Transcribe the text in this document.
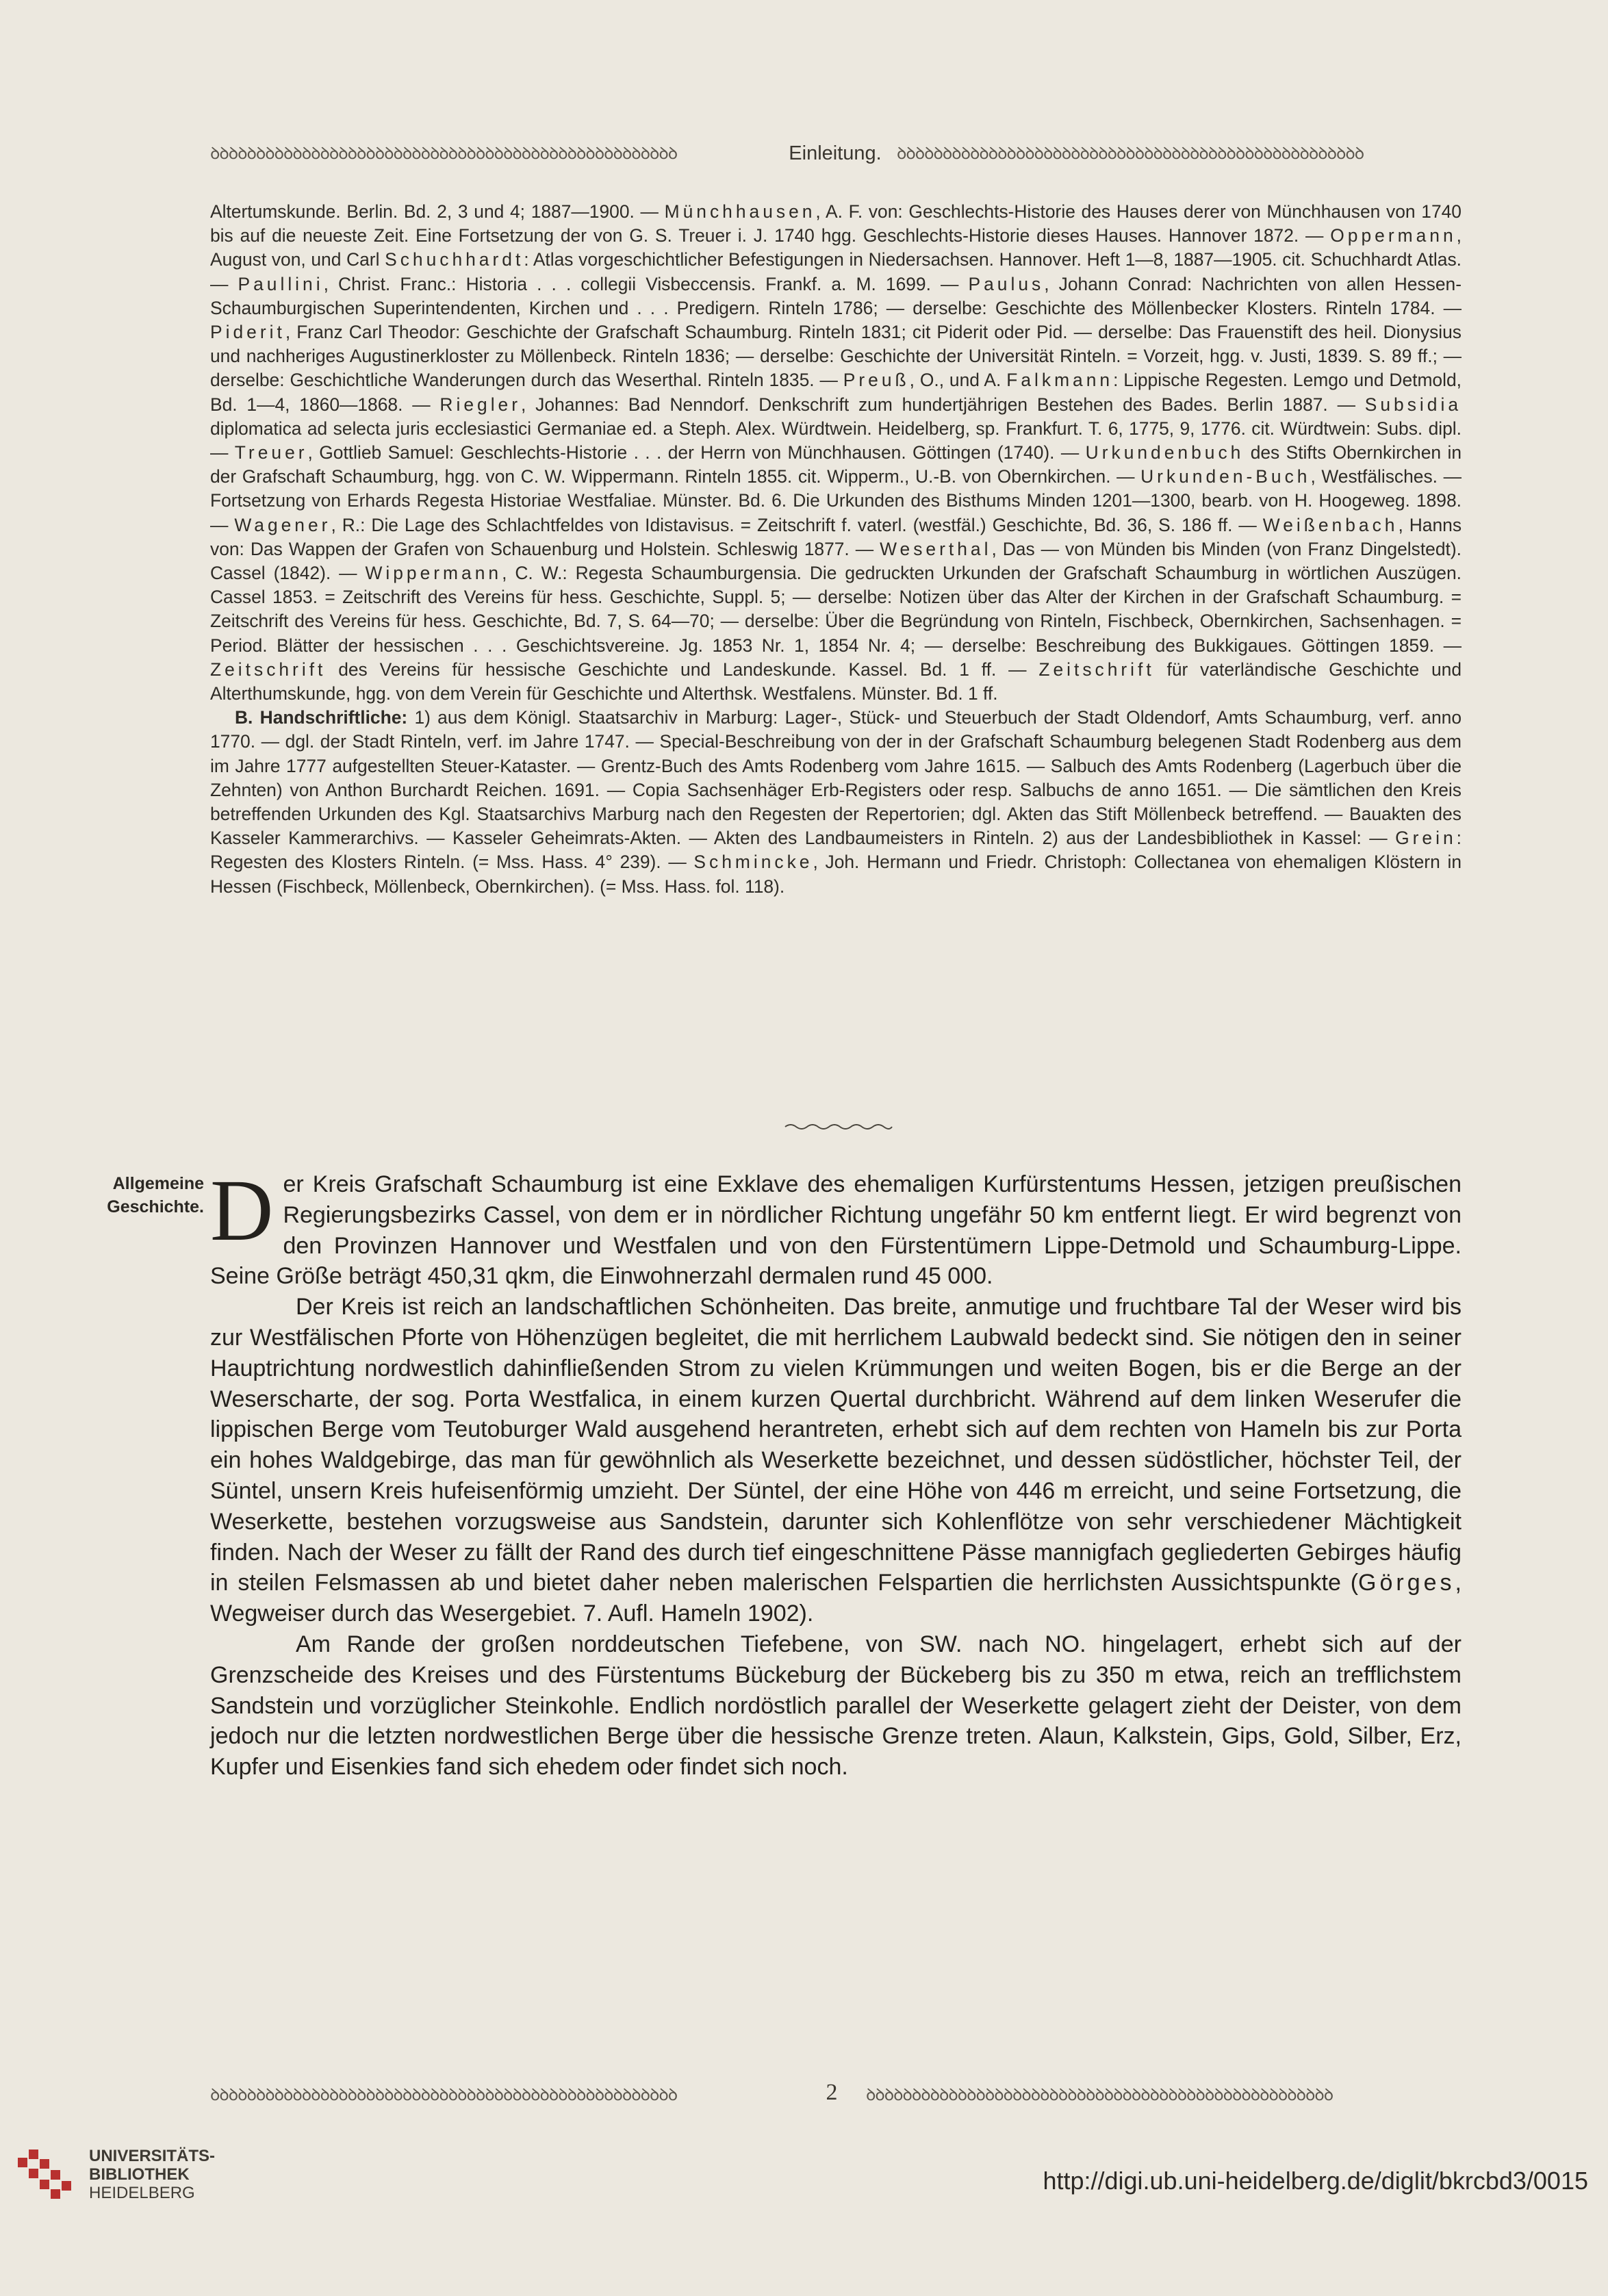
ꝺꝺꝺꝺꝺꝺꝺꝺꝺꝺꝺꝺꝺꝺꝺꝺꝺꝺꝺꝺꝺꝺꝺꝺꝺꝺꝺꝺꝺꝺꝺꝺꝺꝺꝺꝺꝺꝺꝺꝺꝺꝺꝺꝺꝺꝺꝺꝺꝺꝺꝺ	Einleitung. ꝺꝺꝺꝺꝺꝺꝺꝺꝺꝺꝺꝺꝺꝺꝺꝺꝺꝺꝺꝺꝺꝺꝺꝺꝺꝺꝺꝺꝺꝺꝺꝺꝺꝺꝺꝺꝺꝺꝺꝺꝺꝺꝺꝺꝺꝺꝺꝺꝺꝺꝺ

Altertumskunde. Berlin. Bd. 2, 3 und 4; 1887—1900. — Münchhausen, A. F. von: Geschlechts-Historie des Hauses derer von Münchhausen von 1740 bis auf die neueste Zeit. Eine Fortsetzung der von G. S. Treuer i. J. 1740 hgg. Geschlechts-Historie dieses Hauses. Hannover 1872. — Oppermann, August von, und Carl Schuchhardt: Atlas vorgeschichtlicher Befestigungen in Niedersachsen. Hannover. Heft 1—8, 1887—1905. cit. Schuchhardt Atlas. — Paullini, Christ. Franc.: Historia . . . collegii Visbeccensis. Frankf. a. M. 1699. — Paulus, Johann Conrad: Nachrichten von allen Hessen-Schaumburgischen Superintendenten, Kirchen und . . . Predigern. Rinteln 1786; — derselbe: Geschichte des Möllenbecker Klosters. Rinteln 1784. — Piderit, Franz Carl Theodor: Geschichte der Grafschaft Schaumburg. Rinteln 1831; cit Piderit oder Pid. — derselbe: Das Frauenstift des heil. Dionysius und nachheriges Augustinerkloster zu Möllenbeck. Rinteln 1836; — derselbe: Geschichte der Universität Rinteln. = Vorzeit, hgg. v. Justi, 1839. S. 89 ff.; — derselbe: Geschichtliche Wanderungen durch das Weserthal. Rinteln 1835. — Preuß, O., und A. Falkmann: Lippische Regesten. Lemgo und Detmold, Bd. 1—4, 1860—1868. — Riegler, Johannes: Bad Nenndorf. Denkschrift zum hundertjährigen Bestehen des Bades. Berlin 1887. — Subsidia diplomatica ad selecta juris ecclesiastici Germaniae ed. a Steph. Alex. Würdtwein. Heidelberg, sp. Frankfurt. T. 6, 1775, 9, 1776. cit. Würdtwein: Subs. dipl. — Treuer, Gottlieb Samuel: Geschlechts-Historie . . . der Herrn von Münchhausen. Göttingen (1740). — Urkundenbuch des Stifts Obernkirchen in der Grafschaft Schaumburg, hgg. von C. W. Wippermann. Rinteln 1855. cit. Wipperm., U.-B. von Obernkirchen. — Urkunden-Buch, Westfälisches. — Fortsetzung von Erhards Regesta Historiae Westfaliae. Münster. Bd. 6. Die Urkunden des Bisthums Minden 1201—1300, bearb. von H. Hoogeweg. 1898. — Wagener, R.: Die Lage des Schlachtfeldes von Idistavisus. = Zeitschrift f. vaterl. (westfäl.) Geschichte, Bd. 36, S. 186 ff. — Weißenbach, Hanns von: Das Wappen der Grafen von Schauenburg und Holstein. Schleswig 1877. — Weserthal, Das — von Münden bis Minden (von Franz Dingelstedt). Cassel (1842). — Wippermann, C. W.: Regesta Schaumburgensia. Die gedruckten Urkunden der Grafschaft Schaumburg in wörtlichen Auszügen. Cassel 1853. = Zeitschrift des Vereins für hess. Geschichte, Suppl. 5; — derselbe: Notizen über das Alter der Kirchen in der Grafschaft Schaumburg. = Zeitschrift des Vereins für hess. Geschichte, Bd. 7, S. 64—70; — derselbe: Über die Begründung von Rinteln, Fischbeck, Obernkirchen, Sachsenhagen. = Period. Blätter der hessischen . . . Geschichtsvereine. Jg. 1853 Nr. 1, 1854 Nr. 4; — derselbe: Beschreibung des Bukkigaues. Göttingen 1859. — Zeitschrift des Vereins für hessische Geschichte und Landeskunde. Kassel. Bd. 1 ff. — Zeitschrift für vaterländische Geschichte und Alterthumskunde, hgg. von dem Verein für Geschichte und Alterthsk. Westfalens. Münster. Bd. 1 ff.

B. Handschriftliche: 1) aus dem Königl. Staatsarchiv in Marburg: Lager-, Stück- und Steuerbuch der Stadt Oldendorf, Amts Schaumburg, verf. anno 1770. — dgl. der Stadt Rinteln, verf. im Jahre 1747. — Special-Beschreibung von der in der Grafschaft Schaumburg belegenen Stadt Rodenberg aus dem im Jahre 1777 aufgestellten Steuer-Kataster. — Grentz-Buch des Amts Rodenberg vom Jahre 1615. — Salbuch des Amts Rodenberg (Lagerbuch über die Zehnten) von Anthon Burchardt Reichen. 1691. — Copia Sachsenhäger Erb-Registers oder resp. Salbuchs de anno 1651. — Die sämtlichen den Kreis betreffenden Urkunden des Kgl. Staatsarchivs Marburg nach den Regesten der Repertorien; dgl. Akten das Stift Möllenbeck betreffend. — Bauakten des Kasseler Kammerarchivs. — Kasseler Geheimrats-Akten. — Akten des Landbaumeisters in Rinteln. 2) aus der Landesbibliothek in Kassel: — Grein: Regesten des Klosters Rinteln. (= Mss. Hass. 4° 239). — Schmincke, Joh. Hermann und Friedr. Christoph: Collectanea von ehemaligen Klöstern in Hessen (Fischbeck, Möllenbeck, Obernkirchen). (= Mss. Hass. fol. 118).

Allgemeine
Geschichte. Der Kreis Grafschaft Schaumburg ist eine Exklave des ehemaligen Kurfürstentums Hessen, jetzigen preußischen Regierungsbezirks Cassel, von dem er in nördlicher Richtung ungefähr 50 km entfernt liegt. Er wird begrenzt von den Provinzen Hannover und Westfalen und von den Fürstentümern Lippe-Detmold und Schaumburg-Lippe. Seine Größe beträgt 450,31 qkm, die Einwohnerzahl dermalen rund 45 000.

Der Kreis ist reich an landschaftlichen Schönheiten. Das breite, anmutige und fruchtbare Tal der Weser wird bis zur Westfälischen Pforte von Höhenzügen begleitet, die mit herrlichem Laubwald bedeckt sind. Sie nötigen den in seiner Hauptrichtung nordwestlich dahinfließenden Strom zu vielen Krümmungen und weiten Bogen, bis er die Berge an der Weserscharte, der sog. Porta Westfalica, in einem kurzen Quertal durchbricht. Während auf dem linken Weserufer die lippischen Berge vom Teutoburger Wald ausgehend herantreten, erhebt sich auf dem rechten von Hameln bis zur Porta ein hohes Waldgebirge, das man für gewöhnlich als Weserkette bezeichnet, und dessen südöstlicher, höchster Teil, der Süntel, unsern Kreis hufeisenförmig umzieht. Der Süntel, der eine Höhe von 446 m erreicht, und seine Fortsetzung, die Weserkette, bestehen vorzugsweise aus Sandstein, darunter sich Kohlenflötze von sehr verschiedener Mächtigkeit finden. Nach der Weser zu fällt der Rand des durch tief eingeschnittene Pässe mannigfach gegliederten Gebirges häufig in steilen Felsmassen ab und bietet daher neben malerischen Felspartien die herrlichsten Aussichtspunkte (Görges, Wegweiser durch das Wesergebiet. 7. Aufl. Hameln 1902).

Am Rande der großen norddeutschen Tiefebene, von SW. nach NO. hingelagert, erhebt sich auf der Grenzscheide des Kreises und des Fürstentums Bückeburg der Bückeberg bis zu 350 m etwa, reich an trefflichstem Sandstein und vorzüglicher Steinkohle. Endlich nordöstlich parallel der Weserkette gelagert zieht der Deister, von dem jedoch nur die letzten nordwestlichen Berge über die hessische Grenze treten. Alaun, Kalkstein, Gips, Gold, Silber, Erz, Kupfer und Eisenkies fand sich ehedem oder findet sich noch.

ꝺꝺꝺꝺꝺꝺꝺꝺꝺꝺꝺꝺꝺꝺꝺꝺꝺꝺꝺꝺꝺꝺꝺꝺꝺꝺꝺꝺꝺꝺꝺꝺꝺꝺꝺꝺꝺꝺꝺꝺꝺꝺꝺꝺꝺꝺꝺꝺꝺꝺꝺ	2	ꝺꝺꝺꝺꝺꝺꝺꝺꝺꝺꝺꝺꝺꝺꝺꝺꝺꝺꝺꝺꝺꝺꝺꝺꝺꝺꝺꝺꝺꝺꝺꝺꝺꝺꝺꝺꝺꝺꝺꝺꝺꝺꝺꝺꝺꝺꝺꝺꝺꝺꝺ
UNIVERSITÄTS-
BIBLIOTHEK
HEIDELBERG	http://digi.ub.uni-heidelberg.de/diglit/bkrcbd3/0015
